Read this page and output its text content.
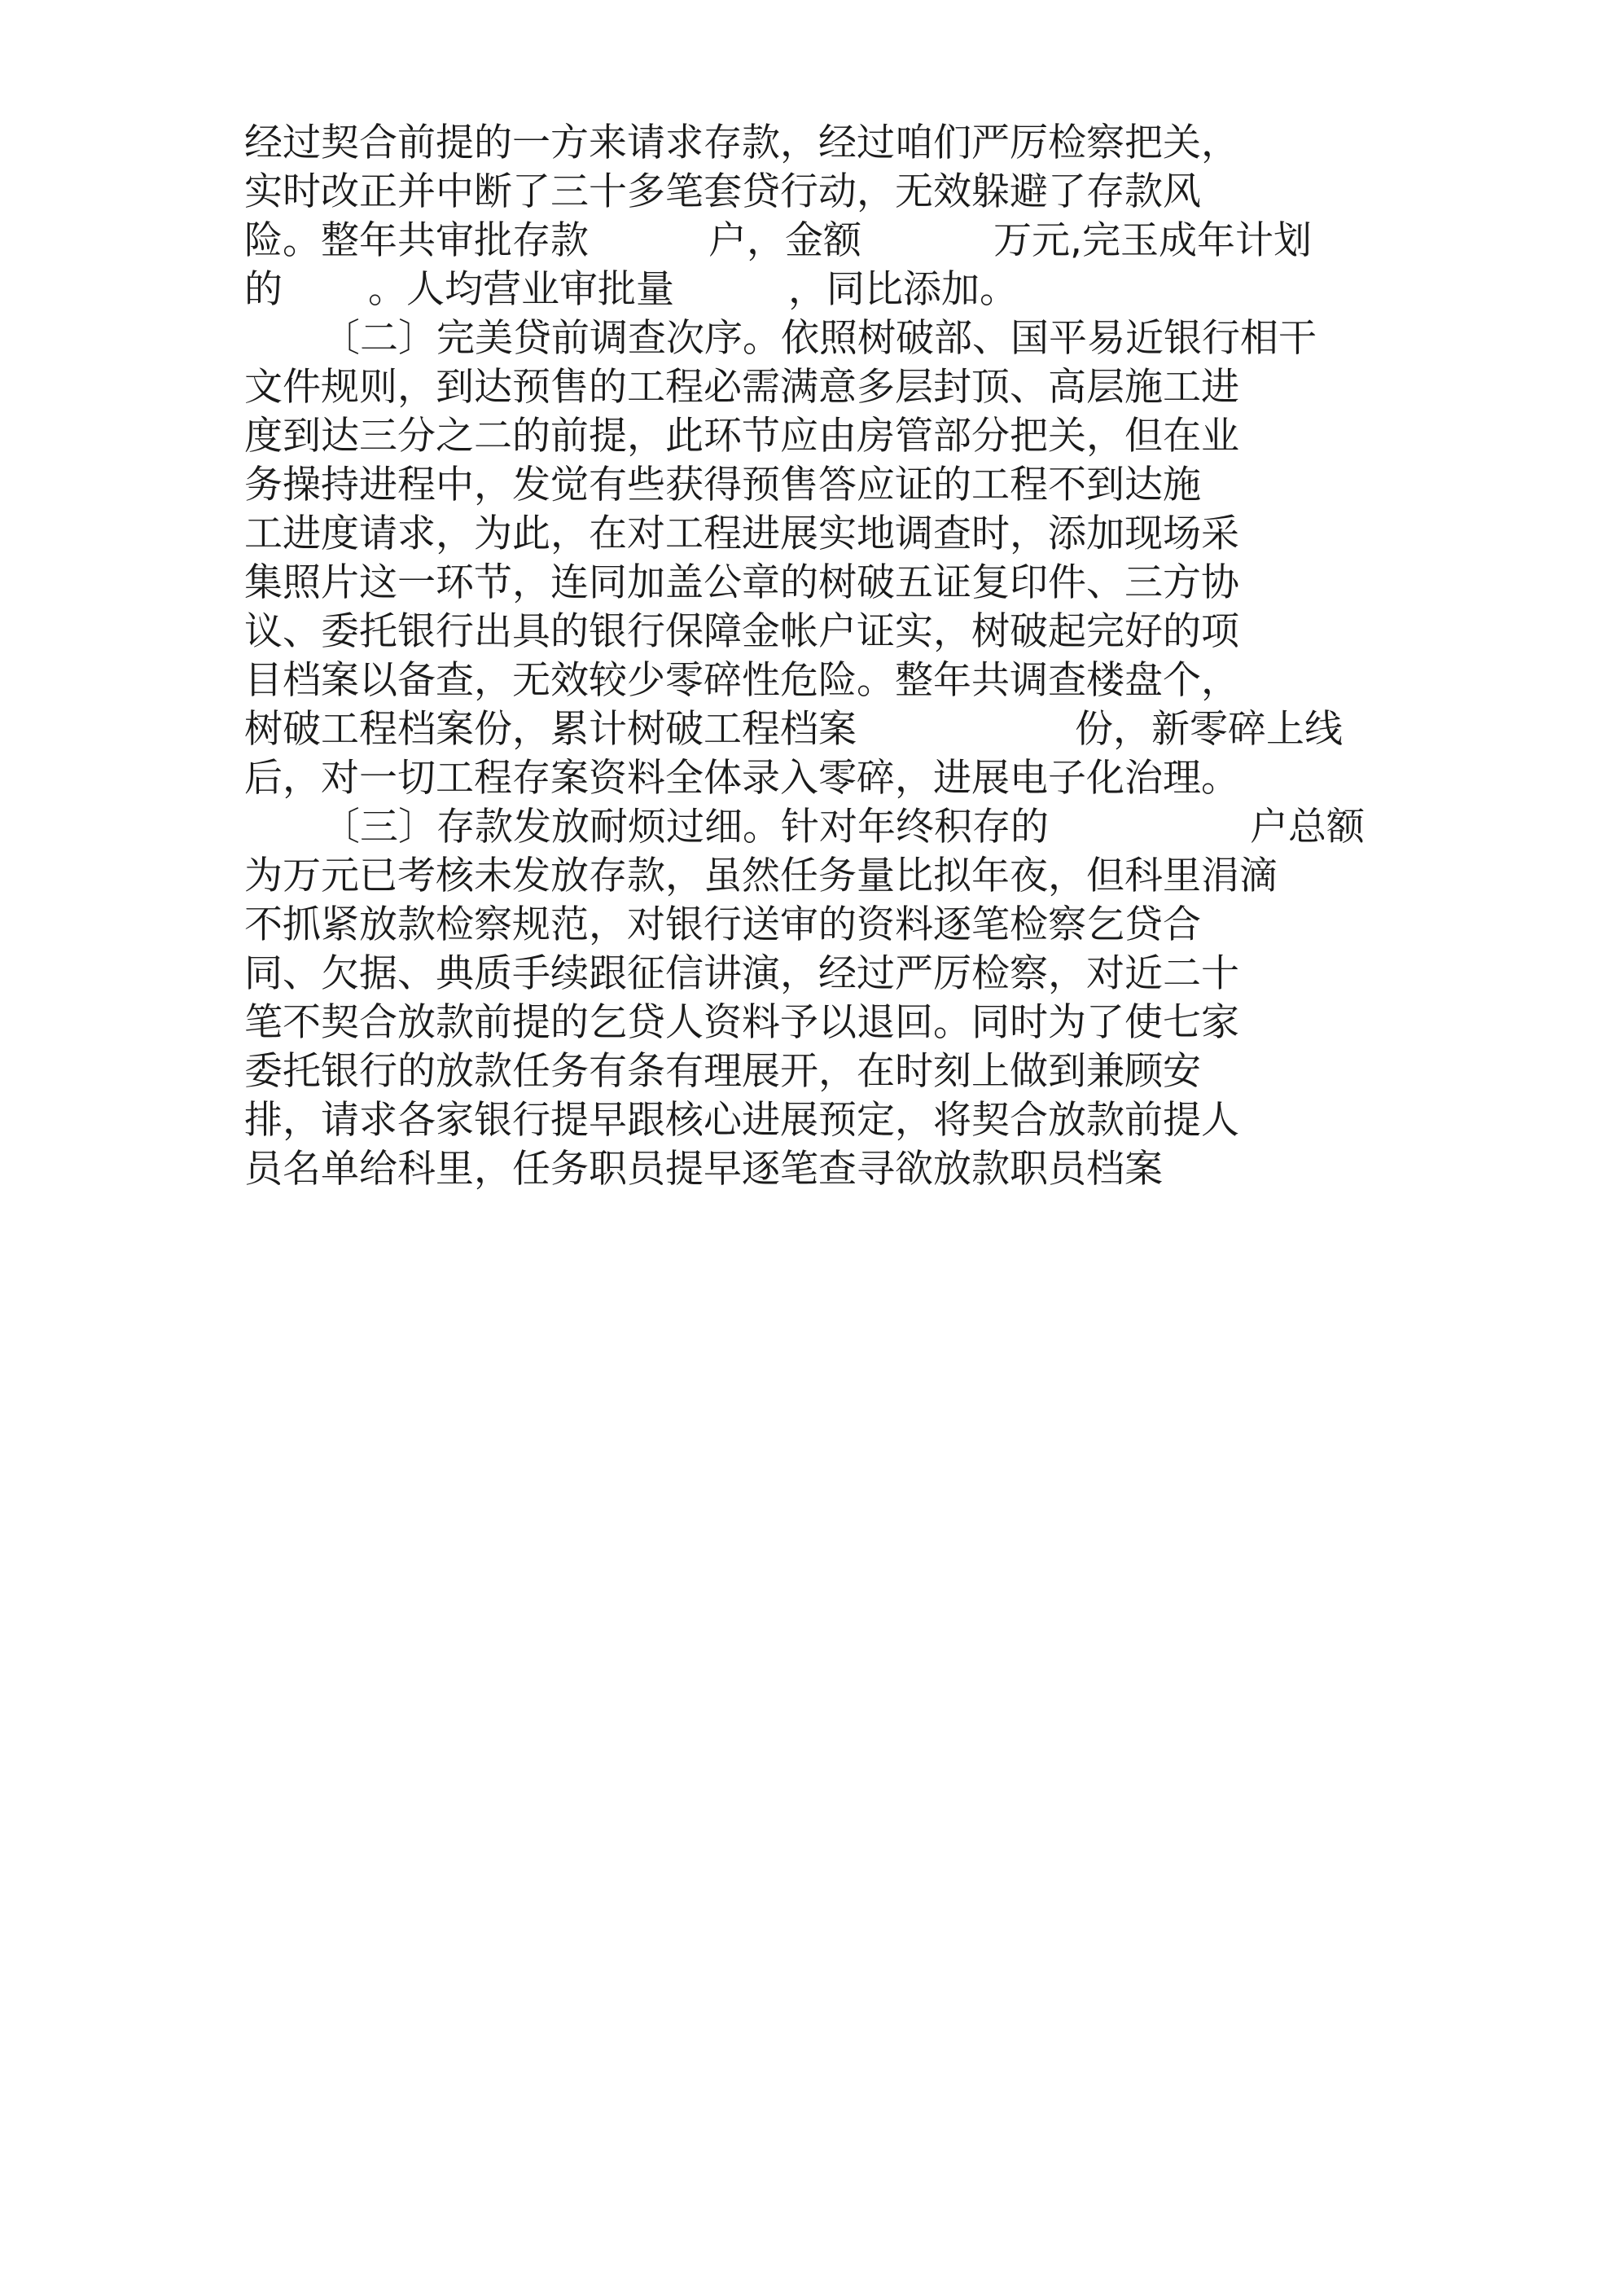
经过契合前提的一方来请求存款，经过咱们严厉检察把关，

实时改正并中断了三十多笔套贷行动，无效躲避了存款风

险。整年共审批存款

	户，金额

	万元,完玉成年计划

的

。人均营业审批量

	，同比添加。

〔二〕完美贷前调查次序。依照树破部、国平易近银行相干

文件规则，到达预售的工程必需满意多层封顶、高层施工进

度到达三分之二的前提，此环节应由房管部分把关，但在业

务操持进程中，发觉有些获得预售答应证的工程不到达施

工进度请求，为此，在对工程进展实地调查时，添加现场采

集照片这一环节，连同加盖公章的树破五证复印件、三方协

议、委托银行出具的银行保障金帐户证实，树破起完好的项

目档案以备查，无效较少零碎性危险。整年共调查楼盘个，

树破工程档案份，累计树破工程档案

	份，新零碎上线

后，对一切工程存案资料全体录入零碎，进展电子化治理。

〔三〕存款发放耐烦过细。针对年终积存的

	户总额

为万元已考核未发放存款，虽然任务量比拟年夜，但科里涓滴

不抓紧放款检察规范，对银行送审的资料逐笔检察乞贷合

同、欠据、典质手续跟征信讲演，经过严厉检察，对近二十

笔不契合放款前提的乞贷人资料予以退回。同时为了使七家

委托银行的放款任务有条有理展开，在时刻上做到兼顾安

排，请求各家银行提早跟核心进展预定，将契合放款前提人

员名单给科里，任务职员提早逐笔查寻欲放款职员档案
